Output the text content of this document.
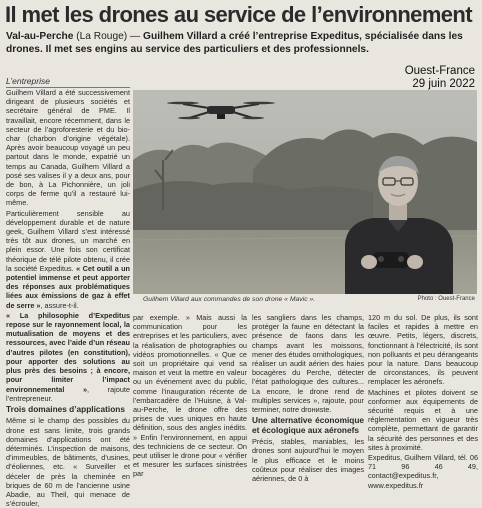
Il met les drones au service de l’environnement
Val-au-Perche (La Rouge) — Guilhem Villard a créé l’entreprise Expeditus, spécialisée dans les drones. Il met ses engins au service des particuliers et des professionnels.
Ouest-France
29 juin 2022
L’entreprise

Guilhem Villard a été successivement dirigeant de plusieurs sociétés et secrétaire général de PME. Il travaillait, encore récemment, dans le secteur de l’agroforesterie et du bio-char (charbon d’origine végétale). Après avoir beaucoup voyagé un peu partout dans le monde, expatrié un temps au Canada, Guilhem Villard a posé ses valises il y a deux ans, pour de bon, à La Pichonnière, un joli corps de ferme qu’il a restauré lui-même.

Particulièrement sensible au développement durable et de nature geek, Guilhem Villard s’est intéressé très tôt aux drones, un marché en plein essor. Une fois son certificat théorique de télé pilote obtenu, il crée la société Expeditus. « Cet outil a un potentiel immense et peut apporter des réponses aux problématiques liées aux émissions de gaz à effet de serre », assure-t-il.

« La philosophie d’Expeditus repose sur le rayonnement local, la mutualisation de moyens et des ressources, avec l’aide d’un réseau d’autres pilotes (en constitution), pour apporter des solutions au plus près des besoins ; à encore, pour limiter l’impact environnemental », rajoute l’entrepreneur.

Trois domaines d’applications

Même si le champ des possibles du drone est sans limite, trois grands domaines d’applications ont été déterminés. L’inspection de maisons, d’immeubles, de bâtiments, d’usines, d’éoliennes, etc. « Surveiller et déceler de près la cheminée en briques de 60 m de l’ancienne usine Abadie, au Theil, qui menace de s’écrouler,

Guilhem Villard aux commandes de son drone « Mavic ».	Photo : Ouest-France

par exemple. » Mais aussi la communication pour les entreprises et les particuliers, avec la réalisation de photographies ou vidéos promotionnelles. « Que ce soit un propriétaire qui vend sa maison et veut la mettre en valeur ou un événement avec du public, comme l’inauguration récente de l’embarcadère de l’Huisne, à Val-au-Perche, le drone offre des prises de vues uniques en haute définition, sous des angles inédits. » Enfin l’environnement, en appui des techniciens de ce secteur. On peut utiliser le drone pour « vérifier et mesurer les surfaces sinistrées par

les sangliers dans les champs, protéger la faune en détectant la présence de faons dans les champs avant les moissons, mener des études ornithologiques, réaliser un audit aérien des haies bocagères du Perche, détecter l’état pathologique des cultures... La encore, le drone rend de multiples services », rajoute, pour terminer, notre drониste.

Une alternative économique et écologique aux aéronefs

Précis, stables, maniables, les drones sont aujourd’hui le moyen le plus efficace et le moins coûteux pour réaliser des images aériennes, de 0 à

120 m du sol. De plus, ils sont faciles et rapides à mettre en œuvre. Petits, légers, discrets, fonctionnant à l’électricité, ils sont non polluants et peu dérangeants pour la nature. Dans beaucoup de circonstances, ils peuvent remplacer les aéronefs.

Machines et pilotes doivent se conformer aux équipements de sécurité requis et à une réglementation en vigueur très complète, permettant de garantir la sécurité des personnes et des sites à proximité.

Expeditus, Guilhem Villard, tél. 06 71 96 46 49, contact@expeditus.fr, www.expeditus.fr
